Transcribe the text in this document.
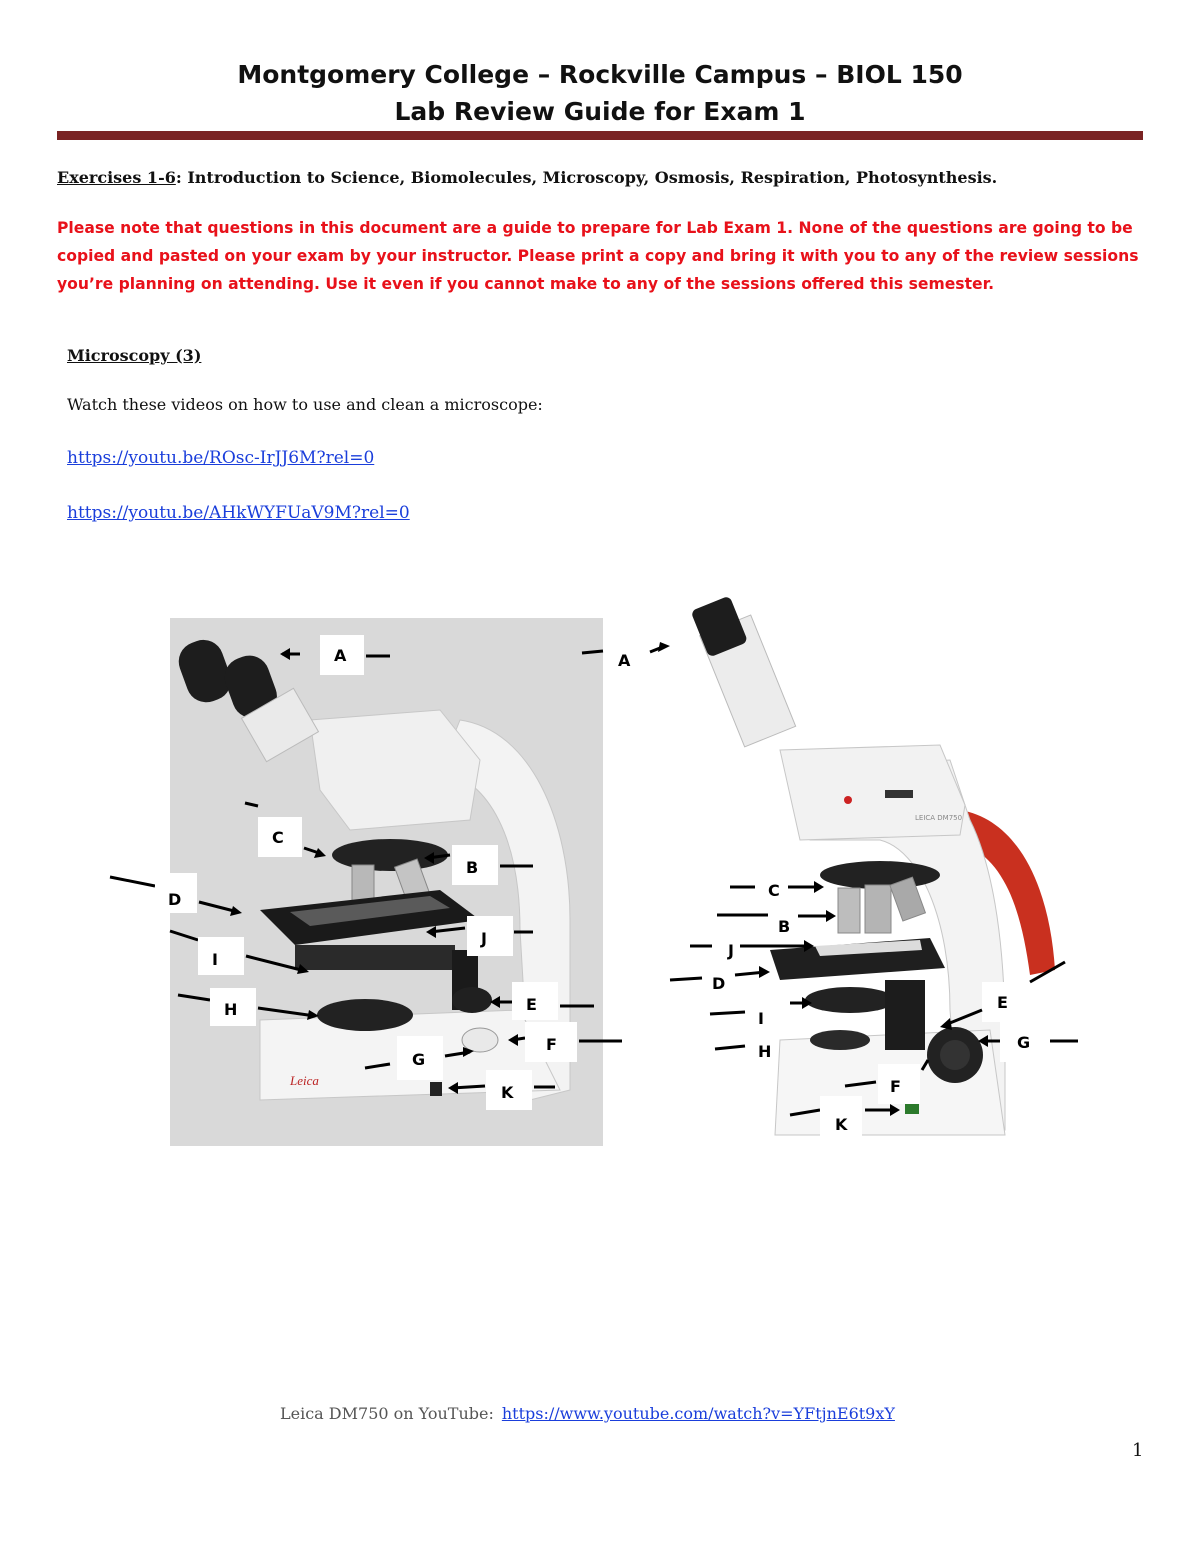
Montgomery College – Rockville Campus – BIOL 150
Lab Review Guide for Exam 1
Exercises 1-6: Introduction to Science, Biomolecules, Microscopy, Osmosis, Respiration, Photosynthesis.
Please note that questions in this document are a guide to prepare for Lab Exam 1. None of the questions are going to be copied and pasted on your exam by your instructor. Please print a copy and bring it with you to any of the review sessions you’re planning on attending. Use it even if you cannot make to any of the sessions offered this semester.
Microscopy (3)
Watch these videos on how to use and clean a microscope:
https://youtu.be/ROsc-IrJJ6M?rel=0
https://youtu.be/AHkWYFUaV9M?rel=0
Leica
A
B
C
D
J
I
H	E
F
G
K
LEICA DM750
A
C
B
J
D
I
H
E
G
F
K
Leica DM750 on YouTube: https://www.youtube.com/watch?v=YFtjnE6t9xY
1
